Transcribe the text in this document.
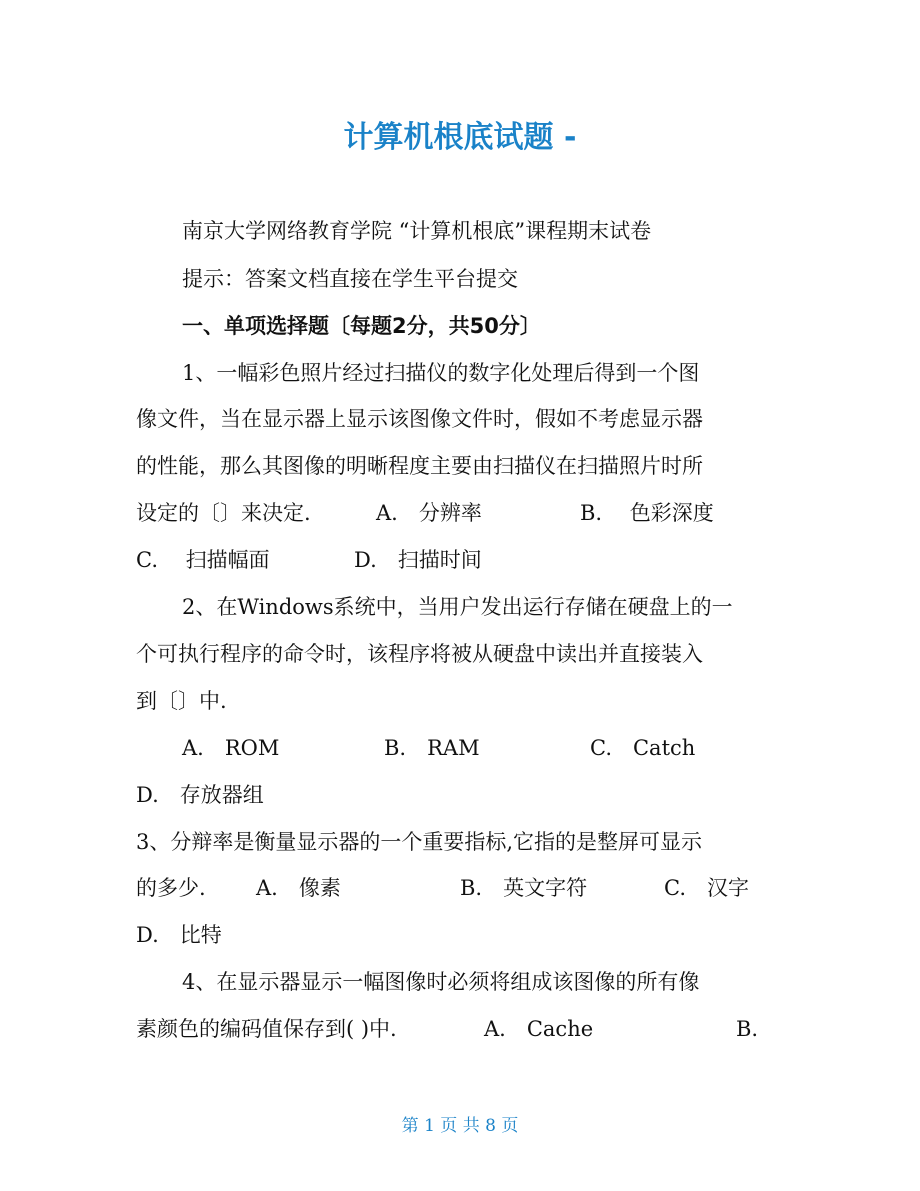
计算机根底试题 -
南京大学网络教育学院 “计算机根底”课程期末试卷
提示：答案文档直接在学生平台提交
一、单项选择题〔每题2分，共50分〕
1、一幅彩色照片经过扫描仪的数字化处理后得到一个图
像文件，当在显示器上显示该图像文件时，假如不考虑显示器
的性能，那么其图像的明晰程度主要由扫描仪在扫描照片时所
设定的〔〕来决定.	A.　分辨率	B.　 色彩深度
C.　 扫描幅面	D.　扫描时间
2、在Windows系统中，当用户发出运行存储在硬盘上的一
个可执行程序的命令时，该程序将被从硬盘中读出并直接装入
到〔〕中.
A.　ROM	B.　RAM	C.　Catch
D.　存放器组
3、分辩率是衡量显示器的一个重要指标,它指的是整屏可显示
的多少. A.　像素	B.　英文字符	C.　汉字
D.　比特
4、在显示器显示一幅图像时必须将组成该图像的所有像
素颜色的编码值保存到( )中.	A.　Cache	B.
第 1 页 共 8 页
